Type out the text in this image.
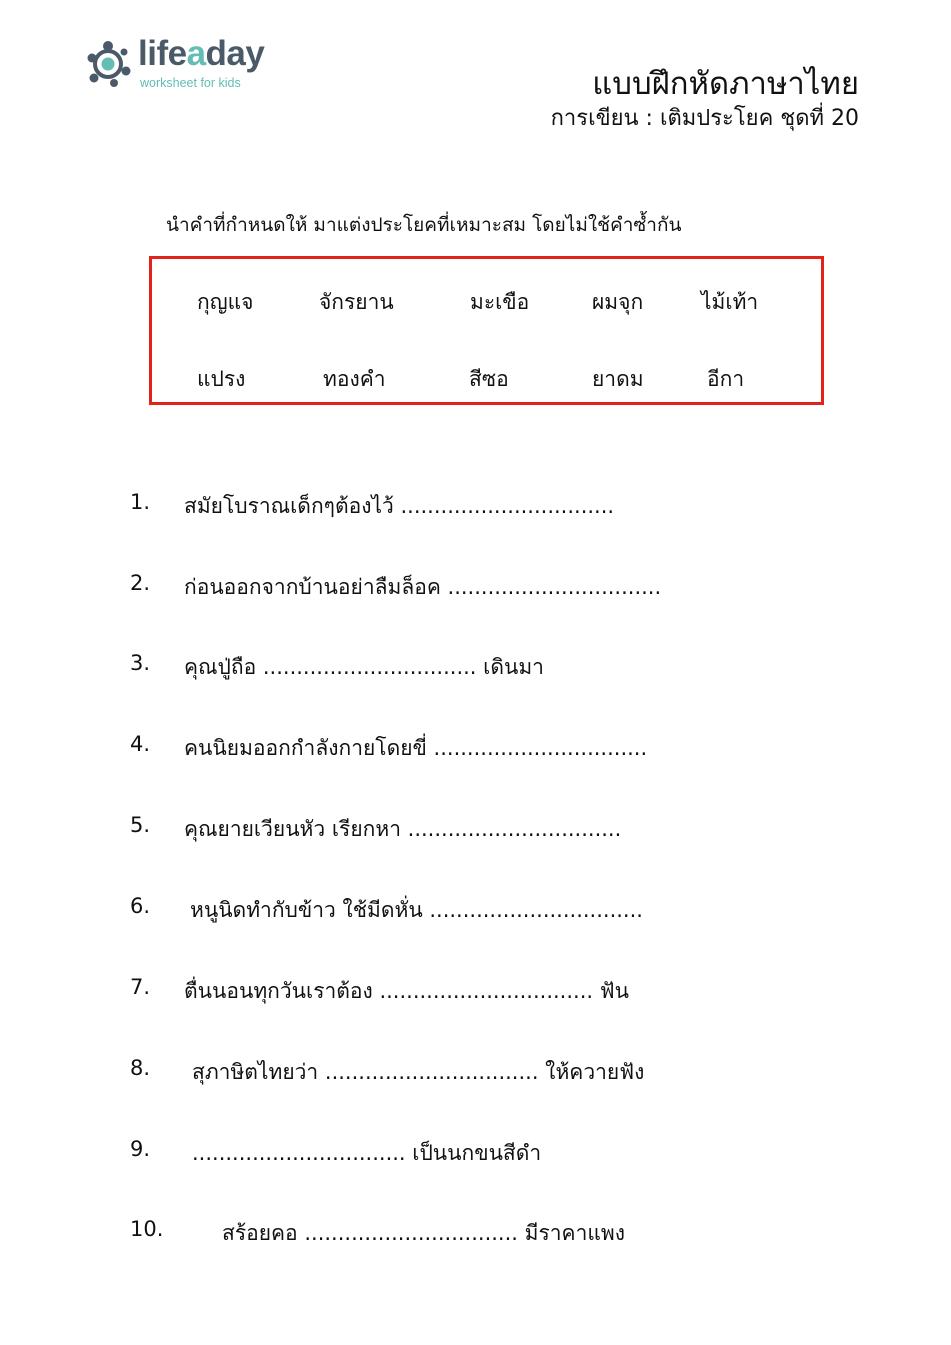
lifeaday
worksheet for kids	แบบฝึกหัดภาษาไทย
การเขียน : เติมประโยค ชุดที่ 20
นำคำที่กำหนดให้ มาแต่งประโยคที่เหมาะสม โดยไม่ใช้คำซ้ำกัน
กุญแจ	จักรยาน	มะเขือ	ผมจุก	ไม้เท้า
แปรง	ทองคำ	สีซอ	ยาดม	อีกา
1. สมัยโบราณเด็กๆต้องไว้ ................................
2. ก่อนออกจากบ้านอย่าลืมล็อค ................................
3. คุณปู่ถือ ................................ เดินมา
4. คนนิยมออกกำลังกายโดยขี่ ................................
5. คุณยายเวียนหัว เรียกหา ................................
6. หนูนิดทำกับข้าว ใช้มีดหั่น ................................
7. ตื่นนอนทุกวันเราต้อง ................................ ฟัน
8. สุภาษิตไทยว่า ................................ ให้ควายฟัง
9. ................................ เป็นนกขนสีดำ
10.	สร้อยคอ ................................ มีราคาแพง
